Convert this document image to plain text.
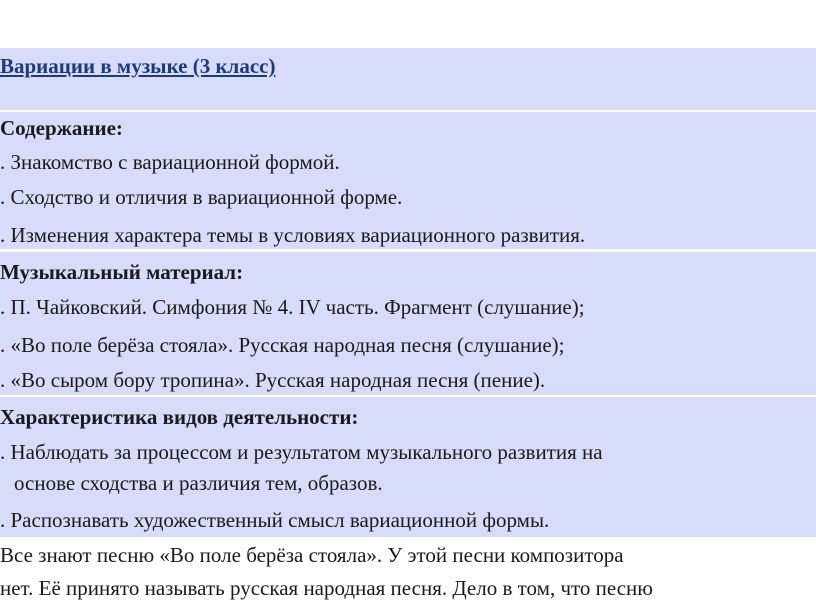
Вариации в музыке (3 класс)
Содержание:
. Знакомство с вариационной формой.
. Сходство и отличия в вариационной форме.
. Изменения характера темы в условиях вариационного развития.
Музыкальный материал:
. П. Чайковский. Симфония № 4. IV часть. Фрагмент (слушание);
. «Во поле берёза стояла». Русская народная песня (слушание);
. «Во сыром бору тропина». Русская народная песня (пение).
Характеристика видов деятельности:
. Наблюдать за процессом и результатом музыкального развития на
основе сходства и различия тем, образов.
. Распознавать художественный смысл вариационной формы.
Все знают песню «Во поле берёза стояла». У этой песни композитора
нет. Её принято называть русская народная песня. Дело в том, что песню
